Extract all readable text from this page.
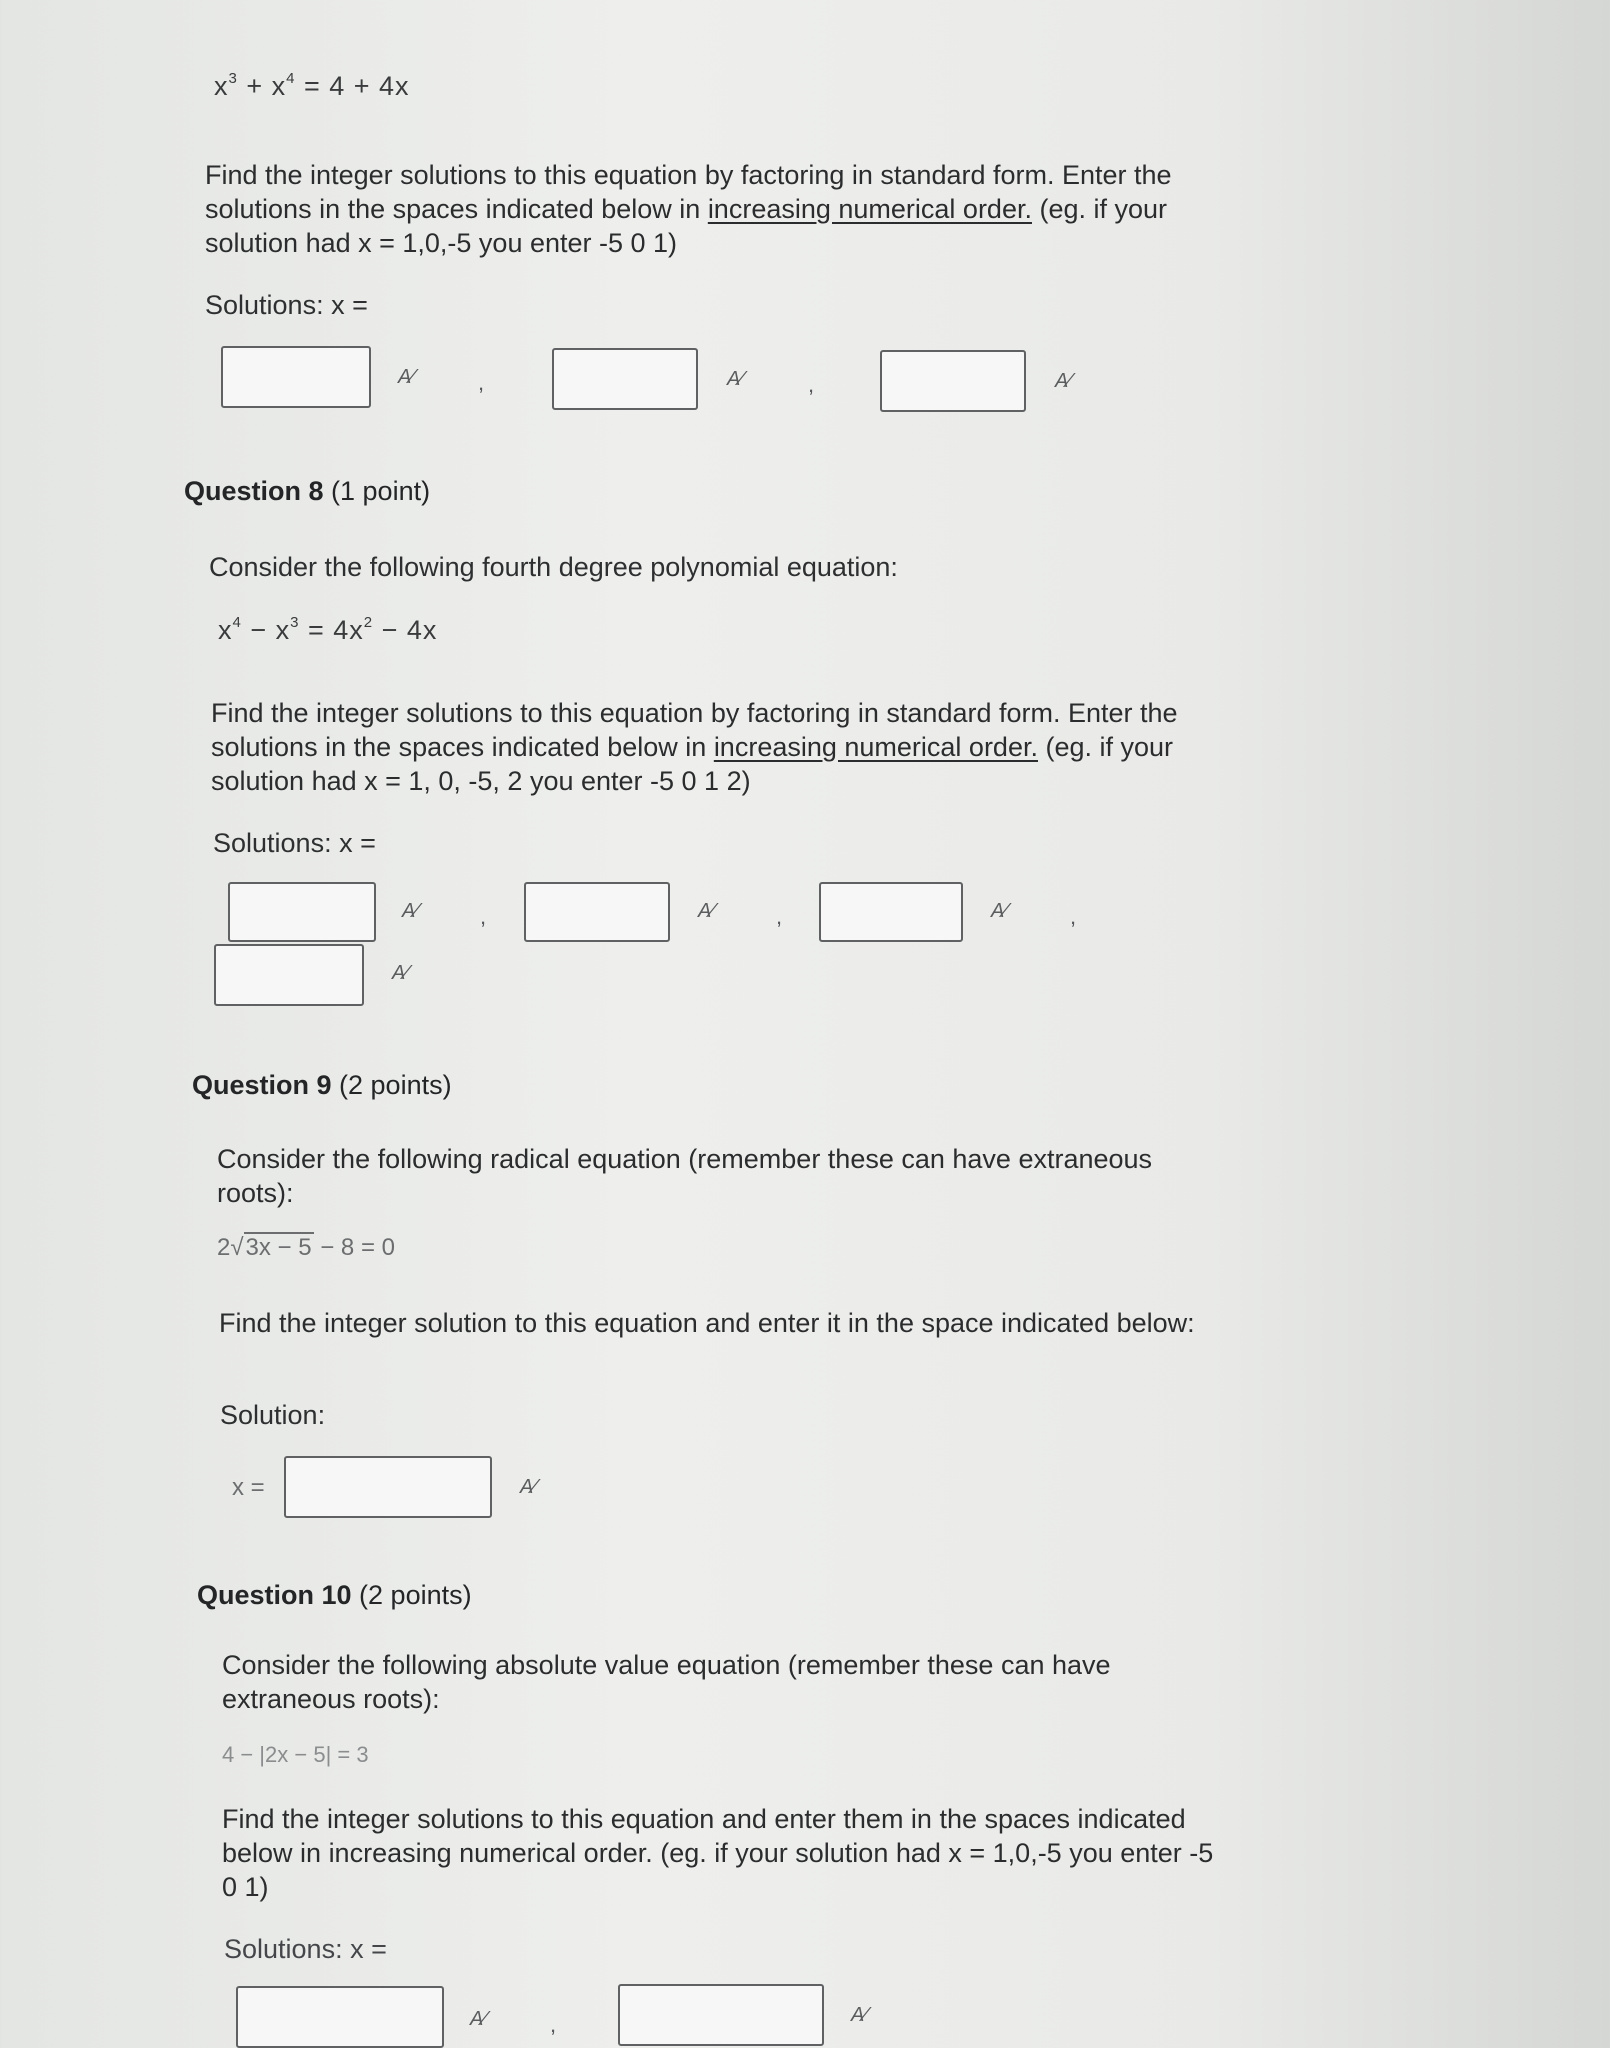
$x^3 + x^4 = 4 + 4x$
Find the integer solutions to this equation by factoring in standard form. Enter the solutions in the spaces indicated below in increasing numerical order. (eg. if your solution had x = 1,0,-5 you enter -5 0 1)
Solutions: x =
A⁄	,	A⁄	,	A⁄
Question 8 (1 point)
Consider the following fourth degree polynomial equation:
$x^4 - x^3 = 4x^2 - 4x$
Find the integer solutions to this equation by factoring in standard form. Enter the solutions in the spaces indicated below in increasing numerical order. (eg. if your solution had x = 1, 0, -5, 2 you enter -5 0 1 2)
Solutions: x =
A⁄	,	A⁄	,	A⁄	,
A⁄
Question 9 (2 points)
Consider the following radical equation (remember these can have extraneous roots):
2√3x − 5 − 8 = 0
Find the integer solution to this equation and enter it in the space indicated below:
Solution:
x =	A⁄
Question 10 (2 points)
Consider the following absolute value equation (remember these can have extraneous roots):
4 − |2x − 5| = 3
Find the integer solutions to this equation and enter them in the spaces indicated below in increasing numerical order. (eg. if your solution had x = 1,0,-5 you enter -5 0 1)
Solutions: x =
A⁄	,	A⁄
